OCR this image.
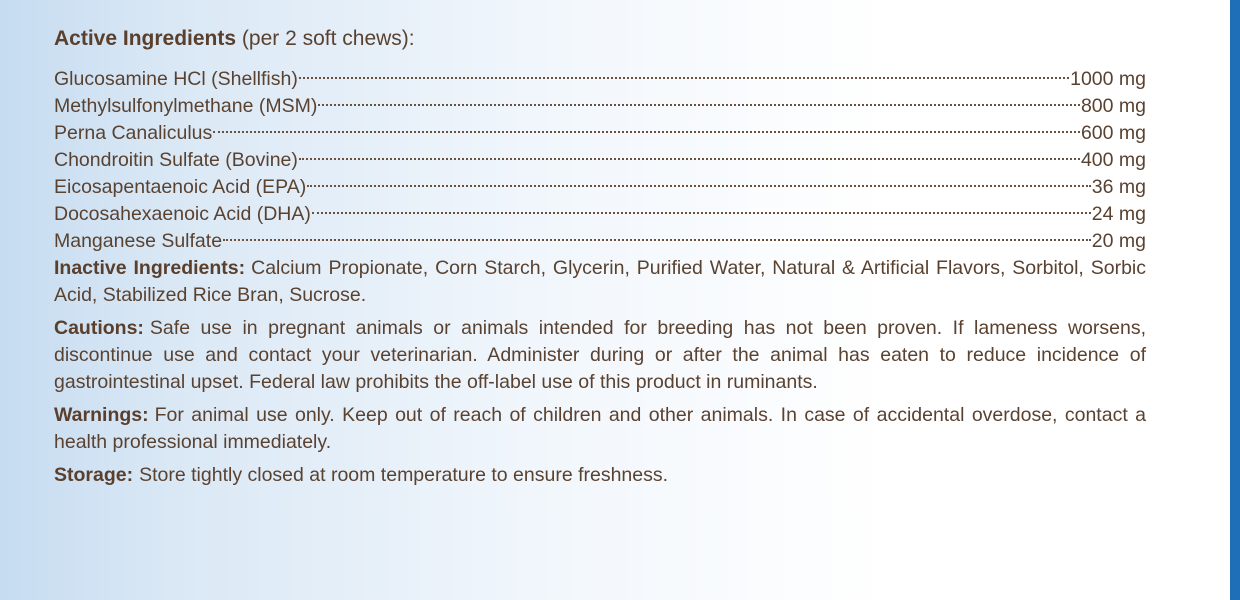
Active Ingredients (per 2 soft chews):
Glucosamine HCl (Shellfish)	1000 mg
Methylsulfonylmethane (MSM)	800 mg
Perna Canaliculus	600 mg
Chondroitin Sulfate (Bovine)	400 mg
Eicosapentaenoic Acid (EPA)	36 mg
Docosahexaenoic Acid (DHA)	24 mg
Manganese Sulfate	20 mg

Inactive Ingredients: Calcium Propionate, Corn Starch, Glycerin, Purified Water, Natural & Artificial Flavors, Sorbitol, Sorbic Acid, Stabilized Rice Bran, Sucrose.

Cautions: Safe use in pregnant animals or animals intended for breeding has not been proven. If lameness worsens, discontinue use and contact your veterinarian. Administer during or after the animal has eaten to reduce incidence of gastrointestinal upset. Federal law prohibits the off-label use of this product in ruminants.

Warnings: For animal use only. Keep out of reach of children and other animals. In case of accidental overdose, contact a health professional immediately.

Storage: Store tightly closed at room temperature to ensure freshness.
